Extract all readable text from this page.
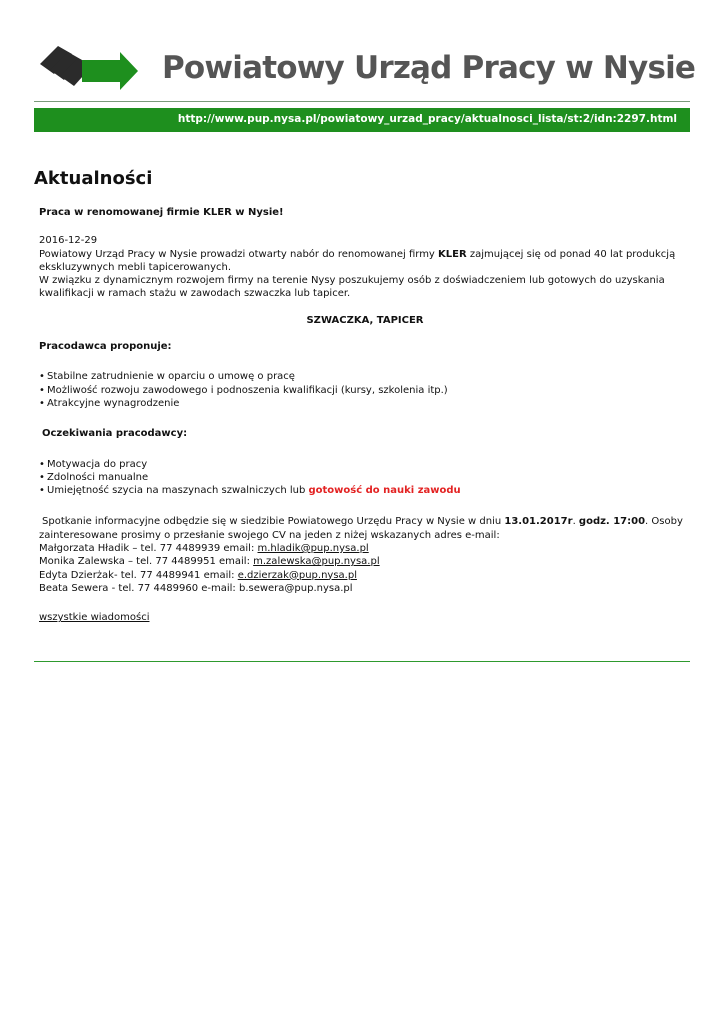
Powiatowy Urząd Pracy w Nysie
http://www.pup.nysa.pl/powiatowy_urzad_pracy/aktualnosci_lista/st:2/idn:2297.html
Aktualności

Praca w renomowanej firmie KLER w Nysie!

2016-12-29

Powiatowy Urząd Pracy w Nysie prowadzi otwarty nabór do renomowanej firmy KLER zajmującej się od ponad 40 lat produkcją ekskluzywnych mebli tapicerowanych.

W związku z dynamicznym rozwojem firmy na terenie Nysy poszukujemy osób z doświadczeniem lub gotowych do uzyskania kwalifikacji w ramach stażu w zawodach szwaczka lub tapicer.

SZWACZKA, TAPICER

Pracodawca proponuje:

• Stabilne zatrudnienie w oparciu o umowę o pracę
• Możliwość rozwoju zawodowego i podnoszenia kwalifikacji (kursy, szkolenia itp.)
• Atrakcyjne wynagrodzenie

Oczekiwania pracodawcy:

• Motywacja do pracy
• Zdolności manualne
• Umiejętność szycia na maszynach szwalniczych lub gotowość do nauki zawodu

Spotkanie informacyjne odbędzie się w siedzibie Powiatowego Urzędu Pracy w Nysie w dniu 13.01.2017r. godz. 17:00. Osoby zainteresowane prosimy o przesłanie swojego CV na jeden z niżej wskazanych adres e-mail:

Małgorzata Hładik – tel. 77 4489939 email: m.hladik@pup.nysa.pl

Monika Zalewska – tel. 77 4489951 email: m.zalewska@pup.nysa.pl

Edyta Dzierżak- tel. 77 4489941 email: e.dzierzak@pup.nysa.pl

Beata Sewera - tel. 77 4489960 e-mail: b.sewera@pup.nysa.pl

wszystkie wiadomości
